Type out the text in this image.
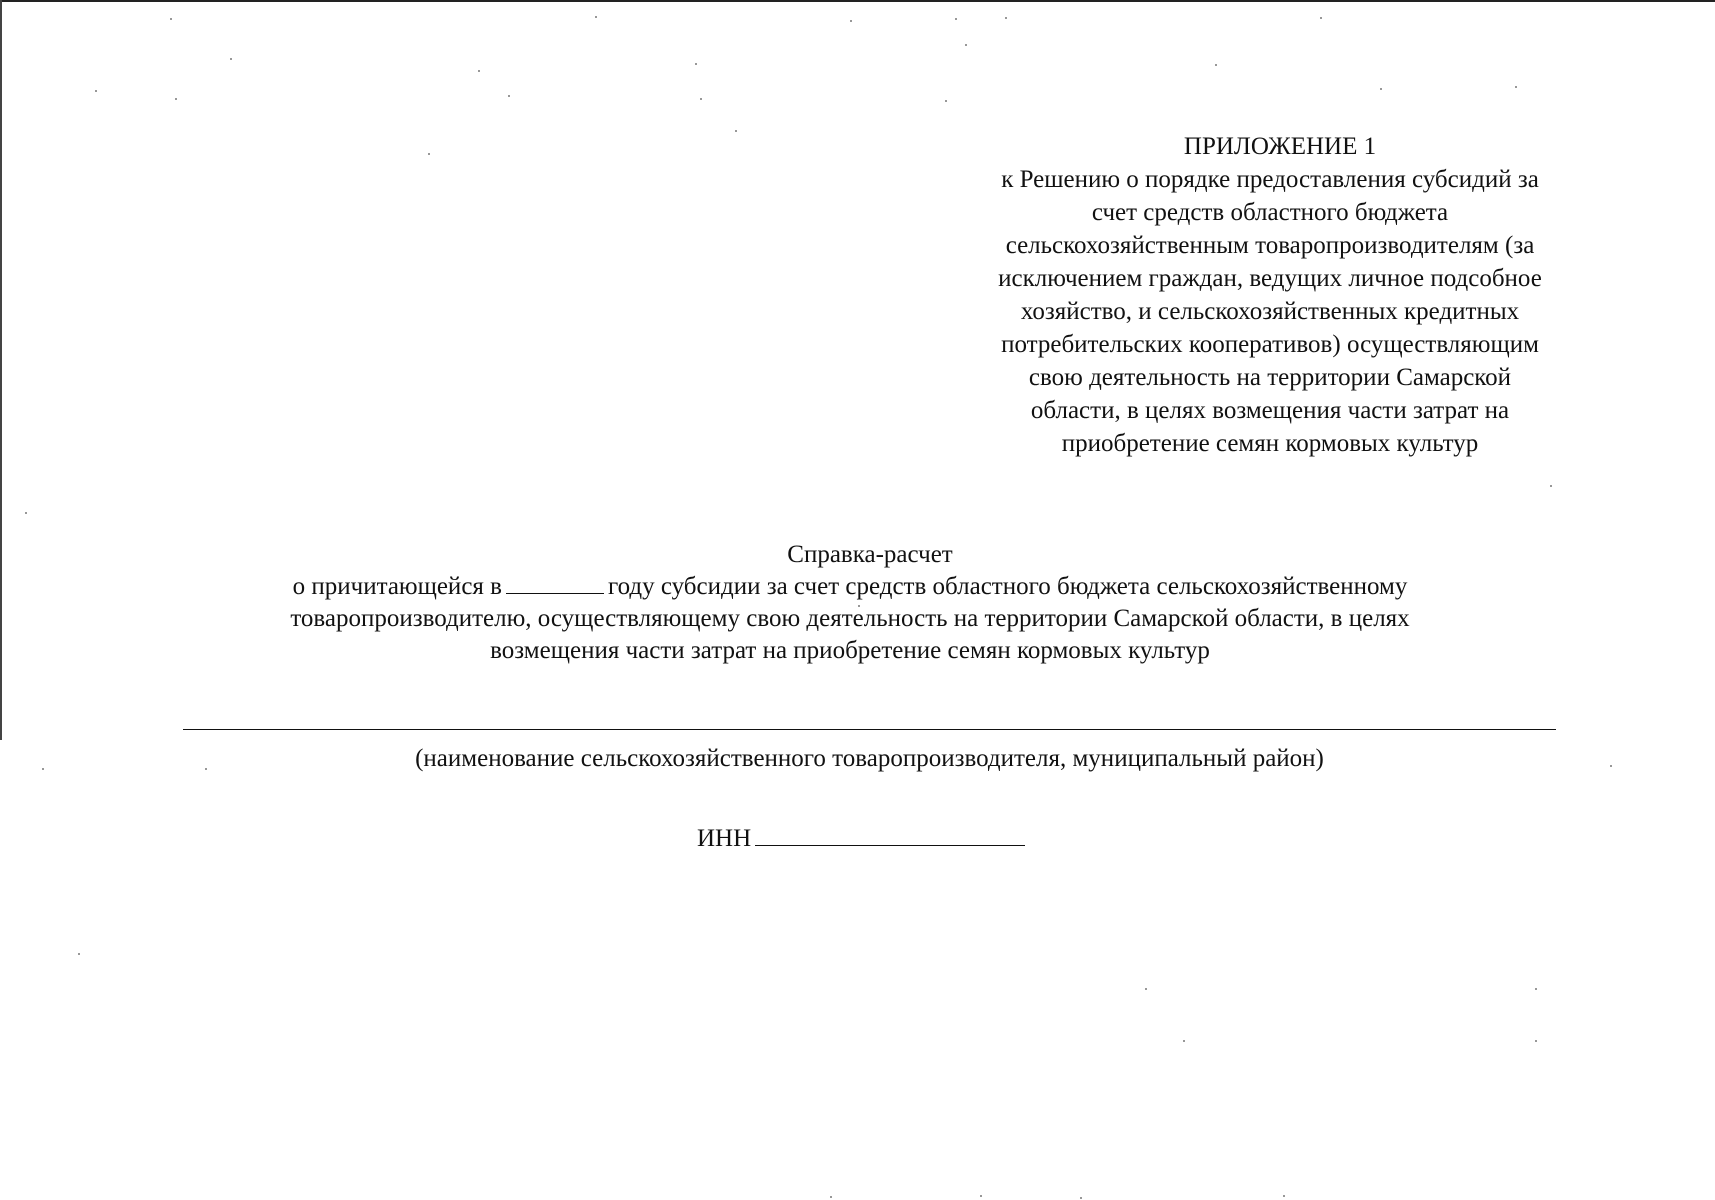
ПРИЛОЖЕНИЕ 1
к Решению о порядке предоставления субсидий за
счет средств областного бюджета
сельскохозяйственным товаропроизводителям (за
исключением граждан, ведущих личное подсобное
хозяйство, и сельскохозяйственных кредитных
потребительских кооперативов) осуществляющим
свою деятельность на территории Самарской
области, в целях возмещения части затрат на
приобретение семян кормовых культур
Справка-расчет
о причитающейся в	году субсидии за счет средств областного бюджета сельскохозяйственному
товаропроизводителю, осуществляющему свою деятельность на территории Самарской области, в целях
возмещения части затрат на приобретение семян кормовых культур
(наименование сельскохозяйственного товаропроизводителя, муниципальный район)
ИНН
